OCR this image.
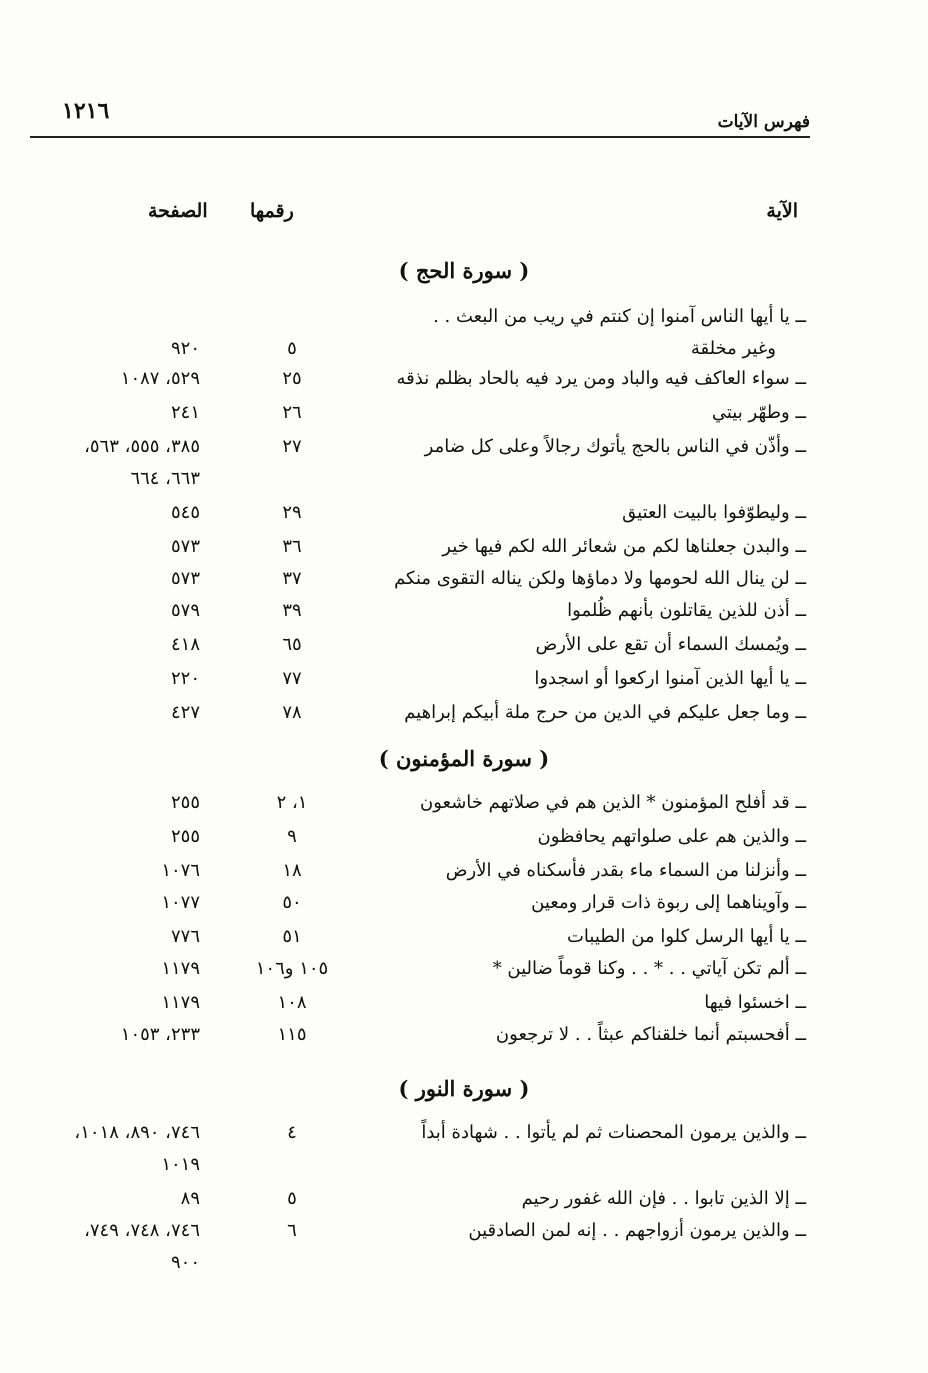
فهرس الآيات
١٢١٦
الآية
رقمها
الصفحة
( سورة الحج )
ــ يا أيها الناس آمنوا إن كنتم في ريب من البعث . .
وغير مخلقة
٥
٩٢٠
ــ سواء العاكف فيه والباد ومن يرد فيه بالحاد بظلم نذقه
٢٥
٥٢٩، ١٠٨٧
ــ وطهّر بيتي
٢٦
٢٤١
ــ وأذّن في الناس بالحج يأتوك رجالاً وعلى كل ضامر
٢٧
٣٨٥، ٥٥٥، ٥٦٣،
٦٦٣، ٦٦٤
ــ وليطوّفوا بالبيت العتيق
٢٩
٥٤٥
ــ والبدن جعلناها لكم من شعائر الله لكم فيها خير
٣٦
٥٧٣
ــ لن ينال الله لحومها ولا دماؤها ولكن يناله التقوى منكم
٣٧
٥٧٣
ــ أذن للذين يقاتلون بأنهم ظُلموا
٣٩
٥٧٩
ــ ويُمسك السماء أن تقع على الأرض
٦٥
٤١٨
ــ يا أيها الذين آمنوا اركعوا أو اسجدوا
٧٧
٢٢٠
ــ وما جعل عليكم في الدين من حرج ملة أبيكم إبراهيم
٧٨
٤٢٧
( سورة المؤمنون )
ــ قد أفلح المؤمنون * الذين هم في صلاتهم خاشعون
١، ٢
٢٥٥
ــ والذين هم على صلواتهم يحافظون
٩
٢٥٥
ــ وأنزلنا من السماء ماء بقدر فأسكناه في الأرض
١٨
١٠٧٦
ــ وآويناهما إلى ربوة ذات قرار ومعين
٥٠
١٠٧٧
ــ يا أيها الرسل كلوا من الطيبات
٥١
٧٧٦
ــ ألم تكن آياتي . . * . . وكنا قوماً ضالين *
١٠٥ و١٠٦
١١٧٩
ــ اخسئوا فيها
١٠٨
١١٧٩
ــ أفحسبتم أنما خلقناكم عبثاً . . لا ترجعون
١١٥
٢٣٣، ١٠٥٣
( سورة النور )
ــ والذين يرمون المحصنات ثم لم يأتوا . . شهادة أبداً
٤
٧٤٦، ٨٩٠، ١٠١٨،
١٠١٩
ــ إلا الذين تابوا . . فإن الله غفور رحيم
٥
٨٩
ــ والذين يرمون أزواجهم . . إنه لمن الصادقين
٦
٧٤٦، ٧٤٨، ٧٤٩،
٩٠٠
